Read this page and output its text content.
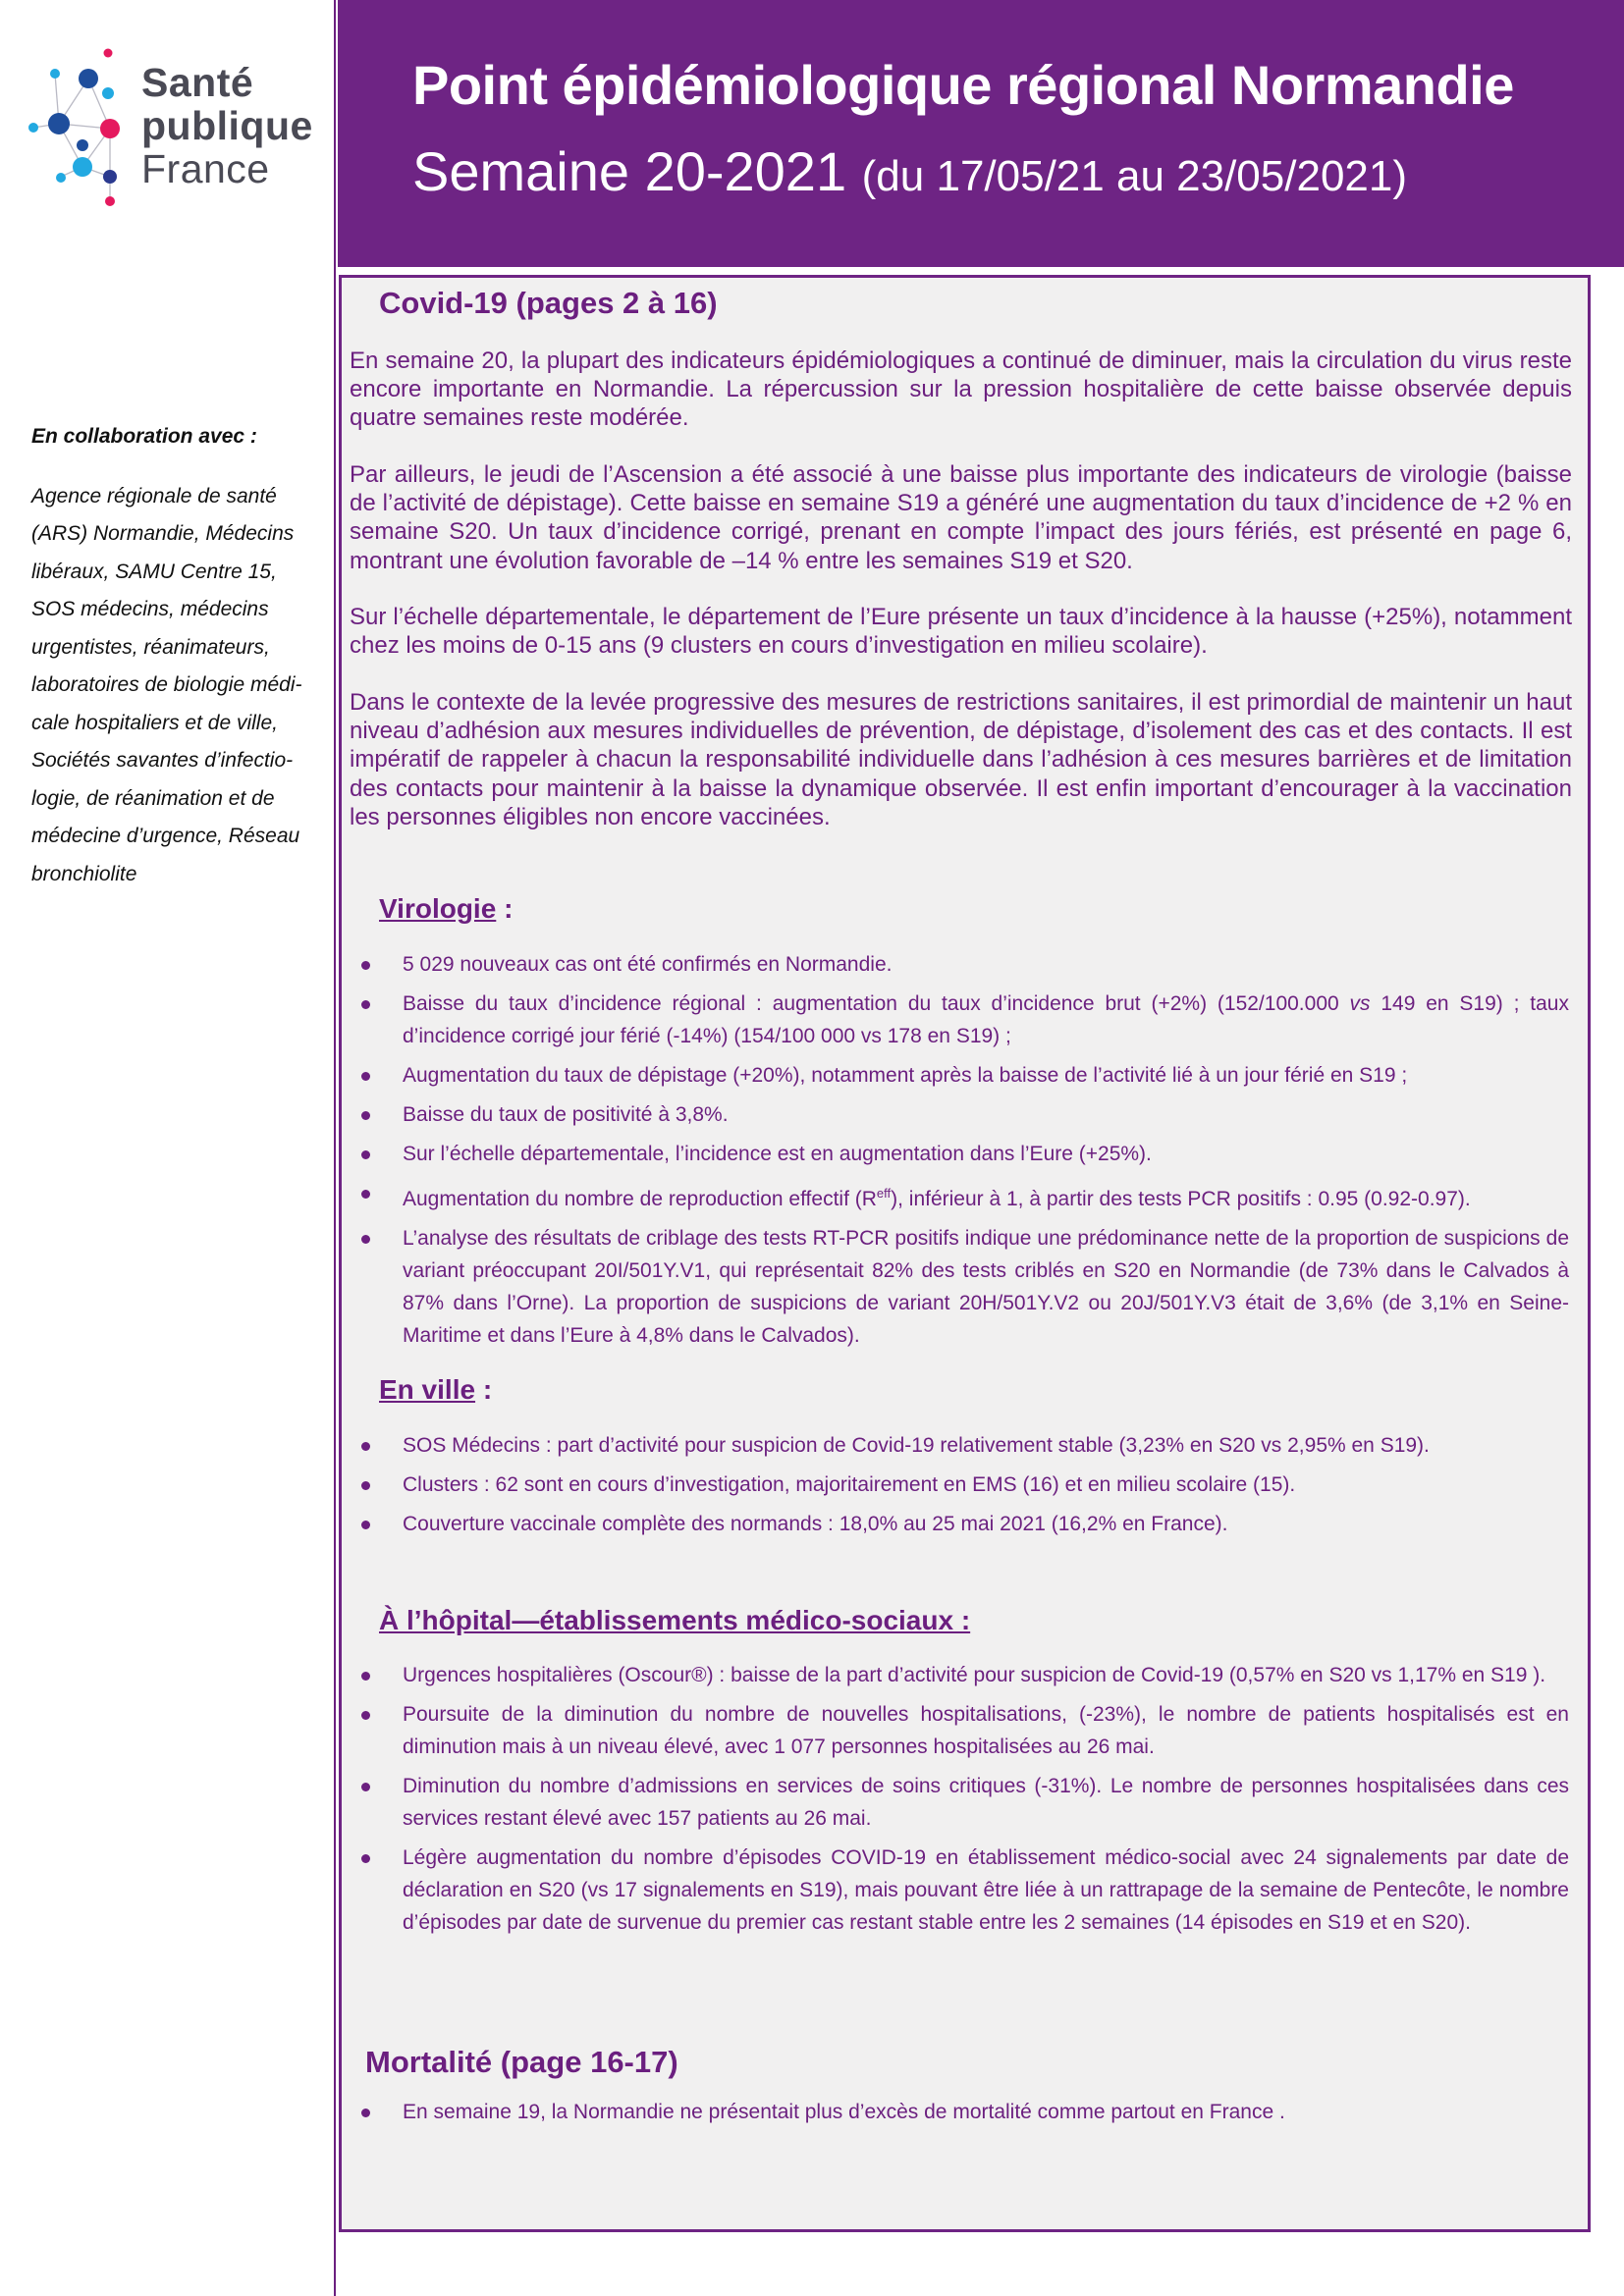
Santé
publique
France
En collaboration avec :
Agence régionale de santé
(ARS) Normandie, Médecins
libéraux, SAMU Centre 15,
SOS médecins, médecins
urgentistes, réanimateurs,
laboratoires de biologie médi-
cale hospitaliers et de ville,
Sociétés savantes d’infectio-
logie, de réanimation et de
médecine d’urgence, Réseau
bronchiolite
Point épidémiologique régional Normandie
Semaine 20-2021 (du 17/05/21 au 23/05/2021)
Covid-19 (pages 2 à 16)
En semaine 20, la plupart des indicateurs épidémiologiques a continué de diminuer, mais la circulation du virus reste encore importante en Normandie. La répercussion sur la pression hospitalière de cette baisse observée depuis quatre semaines reste modérée.
Par ailleurs, le jeudi de l’Ascension a été associé à une baisse plus importante des indicateurs de virologie (baisse de l’activité de dépistage). Cette baisse en semaine S19 a généré une augmentation du taux d’incidence de +2 % en semaine S20. Un taux d’incidence corrigé, prenant en compte l’impact des jours fériés, est présenté en page 6, montrant une évolution favorable de –14 % entre les semaines S19 et S20.
Sur l’échelle départementale, le département de l’Eure présente un taux d’incidence à la hausse (+25%), notamment chez les moins de 0-15 ans (9 clusters en cours d’investigation en milieu scolaire).
Dans le contexte de la levée progressive des mesures de restrictions sanitaires, il est primordial de maintenir un haut niveau d’adhésion aux mesures individuelles de prévention, de dépistage, d’isolement des cas et des contacts. Il est impératif de rappeler à chacun la responsabilité individuelle dans l’adhésion à ces mesures barrières et de limitation des contacts pour maintenir à la baisse la dynamique observée. Il est enfin important d’encourager à la vaccination les personnes éligibles non encore vaccinées.
Virologie :
5 029 nouveaux cas ont été confirmés en Normandie.
Baisse du taux d’incidence régional : augmentation du taux d’incidence brut (+2%) (152/100.000 vs 149 en S19) ; taux d’incidence corrigé jour férié (-14%) (154/100 000 vs 178 en S19) ;
Augmentation du taux de dépistage (+20%), notamment après la baisse de l’activité lié à un jour férié en S19 ;
Baisse du taux de positivité à 3,8%.
Sur l’échelle départementale, l’incidence est en augmentation dans l’Eure (+25%).
Augmentation du nombre de reproduction effectif $(R^{eff})$, inférieur à 1, à partir des tests PCR positifs : 0.95 (0.92-0.97).
L’analyse des résultats de criblage des tests RT-PCR positifs indique une prédominance nette de la proportion de suspicions de variant préoccupant 20I/501Y.V1, qui représentait 82% des tests criblés en S20 en Normandie (de 73% dans le Calvados à 87% dans l’Orne). La proportion de suspicions de variant 20H/501Y.V2 ou 20J/501Y.V3 était de 3,6% (de 3,1% en Seine-Maritime et dans l’Eure à 4,8% dans le Calvados).
En ville :
SOS Médecins : part d’activité pour suspicion de Covid-19 relativement stable (3,23% en S20 vs 2,95% en S19).
Clusters : 62 sont en cours d’investigation, majoritairement en EMS (16) et en milieu scolaire (15).
Couverture vaccinale complète des normands : 18,0% au 25 mai 2021 (16,2% en France).
À l’hôpital—établissements médico-sociaux :
Urgences hospitalières (Oscour®) : baisse de la part d’activité pour suspicion de Covid-19 (0,57% en S20 vs 1,17% en S19 ).
Poursuite de la diminution du nombre de nouvelles hospitalisations, (-23%), le nombre de patients hospitalisés est en diminution mais à un niveau élevé, avec 1 077 personnes hospitalisées au 26 mai.
Diminution du nombre d’admissions en services de soins critiques (-31%). Le nombre de personnes hospitalisées dans ces services restant élevé avec 157 patients au 26 mai.
Légère augmentation du nombre d’épisodes COVID-19 en établissement médico-social avec 24 signalements par date de déclaration en S20 (vs 17 signalements en S19), mais pouvant être liée à un rattrapage de la semaine de Pentecôte, le nombre d’épisodes par date de survenue du premier cas restant stable entre les 2 semaines (14 épisodes en S19 et en S20).
Mortalité (page 16-17)
En semaine 19, la Normandie ne présentait plus d’excès de mortalité comme partout en France .
